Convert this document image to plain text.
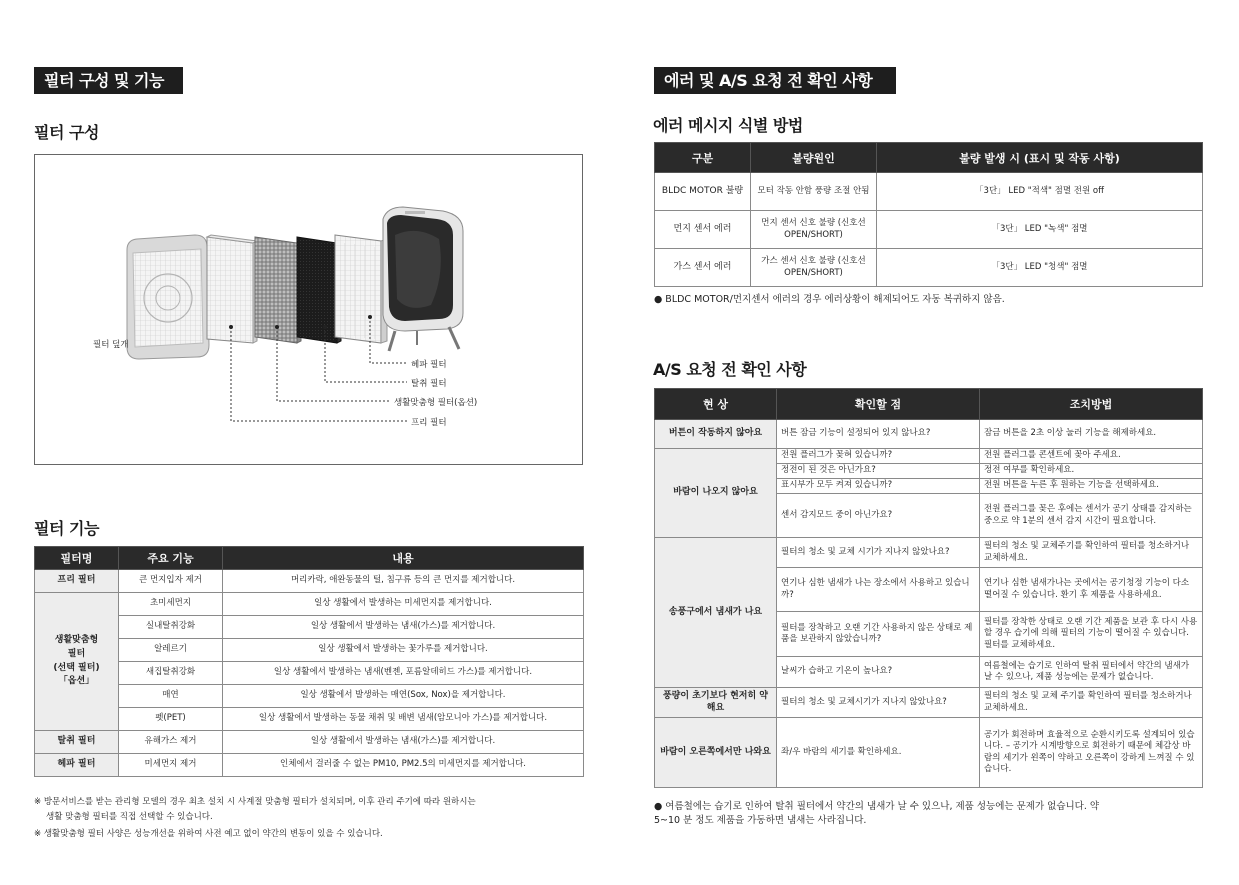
필터 구성 및 기능
필터 구성
필터 덮개
헤파 필터
탈취 필터
생활맞춤형 필터(옵션)
프리 필터
필터 기능
필터명	주요 기능	내용
프리 필터	큰 먼지입자 제거	머리카락, 애완동물의 털, 침구류 등의 큰 먼지를 제거합니다.

생활맞춤형
필터
(선택 필터)
「옵션」	초미세먼지	일상 생활에서 발생하는 미세먼지를 제거합니다.
	실내탈취강화	일상 생활에서 발생하는 냄새(가스)를 제거합니다.
	알레르기	일상 생활에서 발생하는 꽃가루를 제거합니다.
	새집탈취강화	일상 생활에서 발생하는 냄새(벤젠, 포름알데히드 가스)를 제거합니다.
	매연	일상 생활에서 발생하는 매연(Sox, Nox)을 제거합니다.
	펫(PET)	일상 생활에서 발생하는 동물 채취 및 배변 냄새(암모니아 가스)를 제거합니다.
탈취 필터	유해가스 제거	일상 생활에서 발생하는 냄새(가스)를 제거합니다.
헤파 필터	미세먼지 제거	인체에서 걸러줄 수 없는 PM10, PM2.5의 미세먼지를 제거합니다.
※ 방문서비스를 받는 관리형 모델의 경우 최초 설치 시 사계절 맞춤형 필터가 설치되며, 이후 관리 주기에 따라 원하시는
생활 맞춤형 필터를 직접 선택할 수 있습니다.
※ 생활맞춤형 필터 사양은 성능개선을 위하여 사전 예고 없이 약간의 변동이 있을 수 있습니다.
에러 및 A/S 요청 전 확인 사항
에러 메시지 식별 방법
구분	불량원인	불량 발생 시 (표시 및 작동 사항)
BLDC MOTOR 불량	모터 작동 안함 풍량 조절 안됨	「3단」 LED "적색" 점멸 전원 off
먼지 센서 에러	먼지 센서 신호 불량 (신호선 OPEN/SHORT)	「3단」 LED "녹색" 점멸
가스 센서 에러	가스 센서 신호 불량 (신호선 OPEN/SHORT)	「3단」 LED "청색" 점멸
● BLDC MOTOR/먼지센서 에러의 경우 에러상황이 해제되어도 자동 복귀하지 않음.
A/S 요청 전 확인 사항
현 상	확인할 점	조치방법
버튼이 작동하지 않아요	버튼 잠금 기능이 설정되어 있지 않나요?	잠금 버튼을 2초 이상 눌러 기능을 해제하세요.
바람이 나오지 않아요	전원 플러그가 꽂혀 있습니까?	전원 플러그를 콘센트에 꽂아 주세요.
	정전이 된 것은 아닌가요?	정전 여부를 확인하세요.
	표시부가 모두 켜져 있습니까?	전원 버튼을 누른 후 원하는 기능을 선택하세요.
	센서 감지모드 중이 아닌가요?	전원 플러그를 꽂은 후에는 센서가 공기 상태를 감지하는 중으로 약 1분의 센서 감지 시간이 필요합니다.
송풍구에서 냄새가 나요	필터의 청소 및 교체 시기가 지나지 않았나요?	필터의 청소 및 교체주기를 확인하여 필터를 청소하거나 교체하세요.
	연기나 심한 냄새가 나는 장소에서 사용하고 있습니까?	연기나 심한 냄새가나는 곳에서는 공기청정 기능이 다소 떨어질 수 있습니다. 환기 후 제품을 사용하세요.
	필터를 장착하고 오랜 기간 사용하지 않은 상태로 제품을 보관하지 않았습니까?	필터를 장착한 상태로 오랜 기간 제품을 보관 후 다시 사용할 경우 습기에 의해 필터의 기능이 떨어질 수 있습니다. 필터를 교체하세요.
	날씨가 습하고 기온이 높나요?	여름철에는 습기로 인하여 탈취 필터에서 약간의 냄새가 날 수 있으나, 제품 성능에는 문제가 없습니다.
풍량이 초기보다 현저히 약해요	필터의 청소 및 교체시기가 지나지 않았나요?	필터의 청소 및 교체 주기를 확인하여 필터를 청소하거나 교체하세요.
바람이 오른쪽에서만 나와요	좌/우 바람의 세기를 확인하세요.	공기가 회전하며 효율적으로 순환시키도록 설계되어 있습니다. – 공기가 시계방향으로 회전하기 때문에 체감상 바람의 세기가 왼쪽이 약하고 오른쪽이 강하게 느껴질 수 있습니다.
● 여름철에는 습기로 인하여 탈취 필터에서 약간의 냄새가 날 수 있으나, 제품 성능에는 문제가 없습니다. 약 5~10 분 정도 제품을 가동하면 냄새는 사라집니다.
